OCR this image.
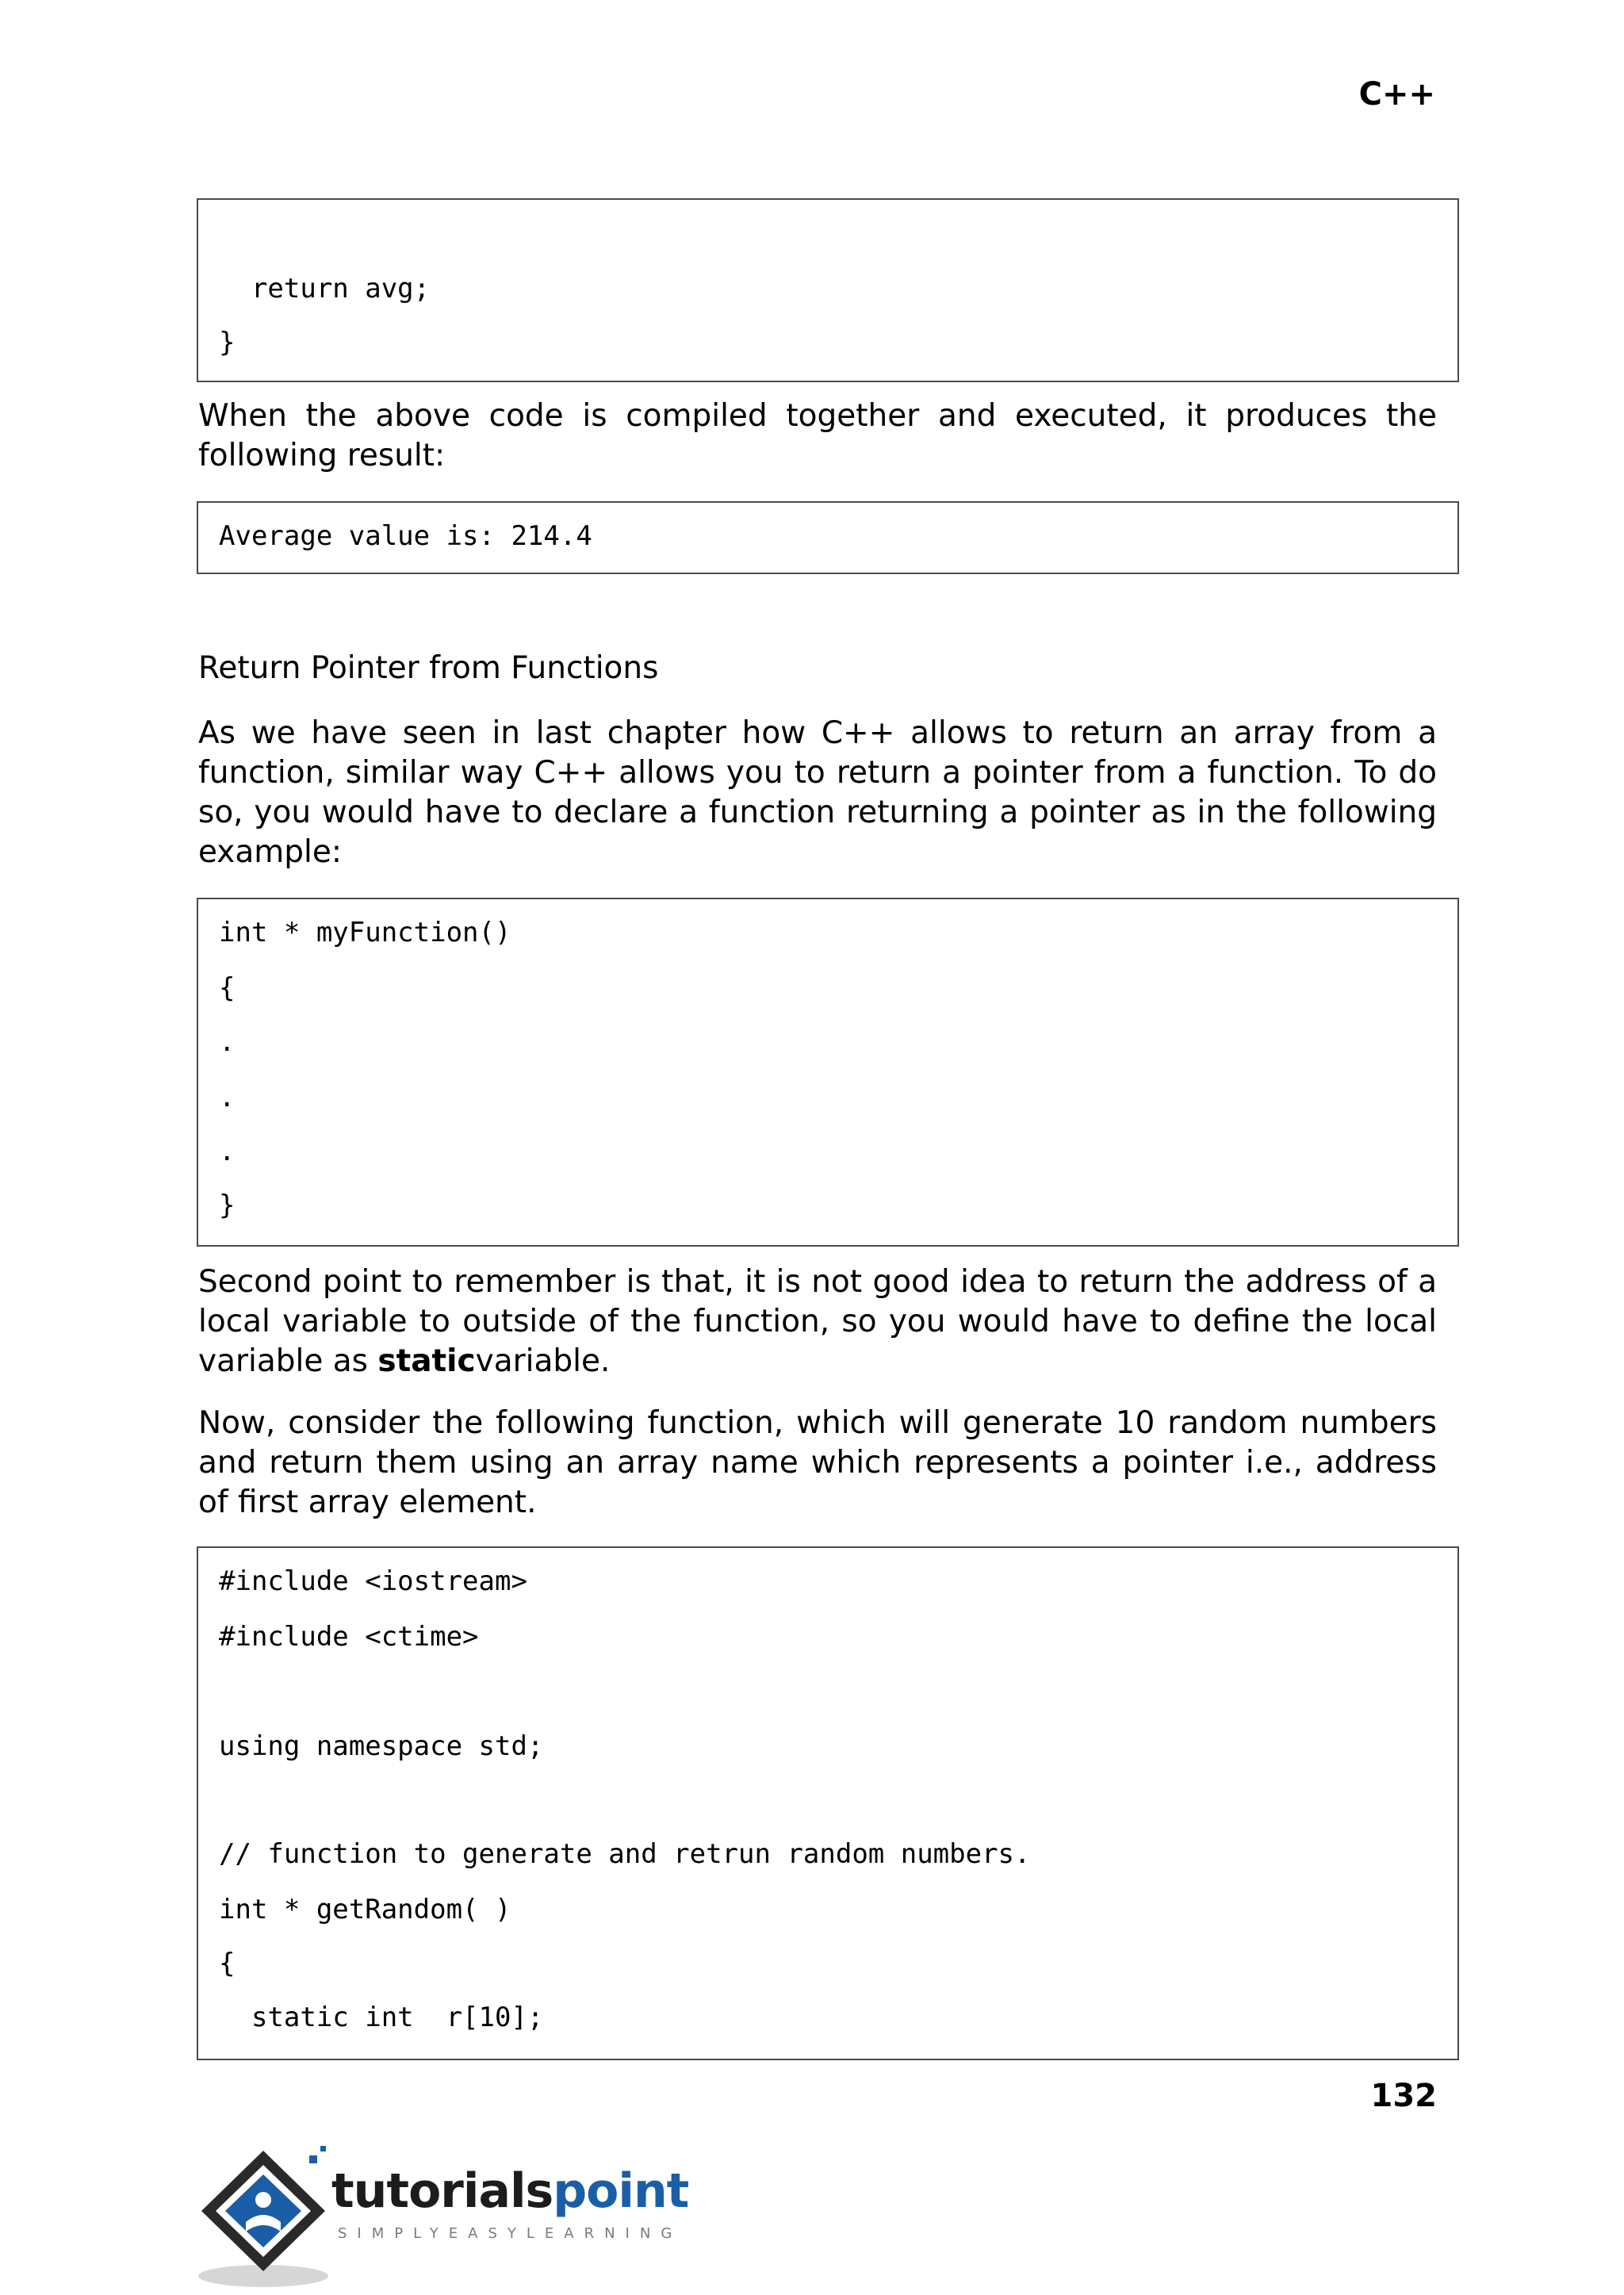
C++
return avg;
}
When the above code is compiled together and executed, it produces the following result:
Average value is: 214.4
Return Pointer from Functions
As we have seen in last chapter how C++ allows to return an array from a function, similar way C++ allows you to return a pointer from a function. To do so, you would have to declare a function returning a pointer as in the following example:
int * myFunction()
{
.
.
.
}
Second point to remember is that, it is not good idea to return the address of a local variable to outside of the function, so you would have to define the local variable as staticvariable.
Now, consider the following function, which will generate 10 random numbers and return them using an array name which represents a pointer i.e., address of first array element.
#include <iostream>
#include <ctime>
using namespace std;
// function to generate and retrun random numbers.
int * getRandom( )
{
static int  r[10];
132
tutorialspoint
SIMPLYEASYLEARNING
